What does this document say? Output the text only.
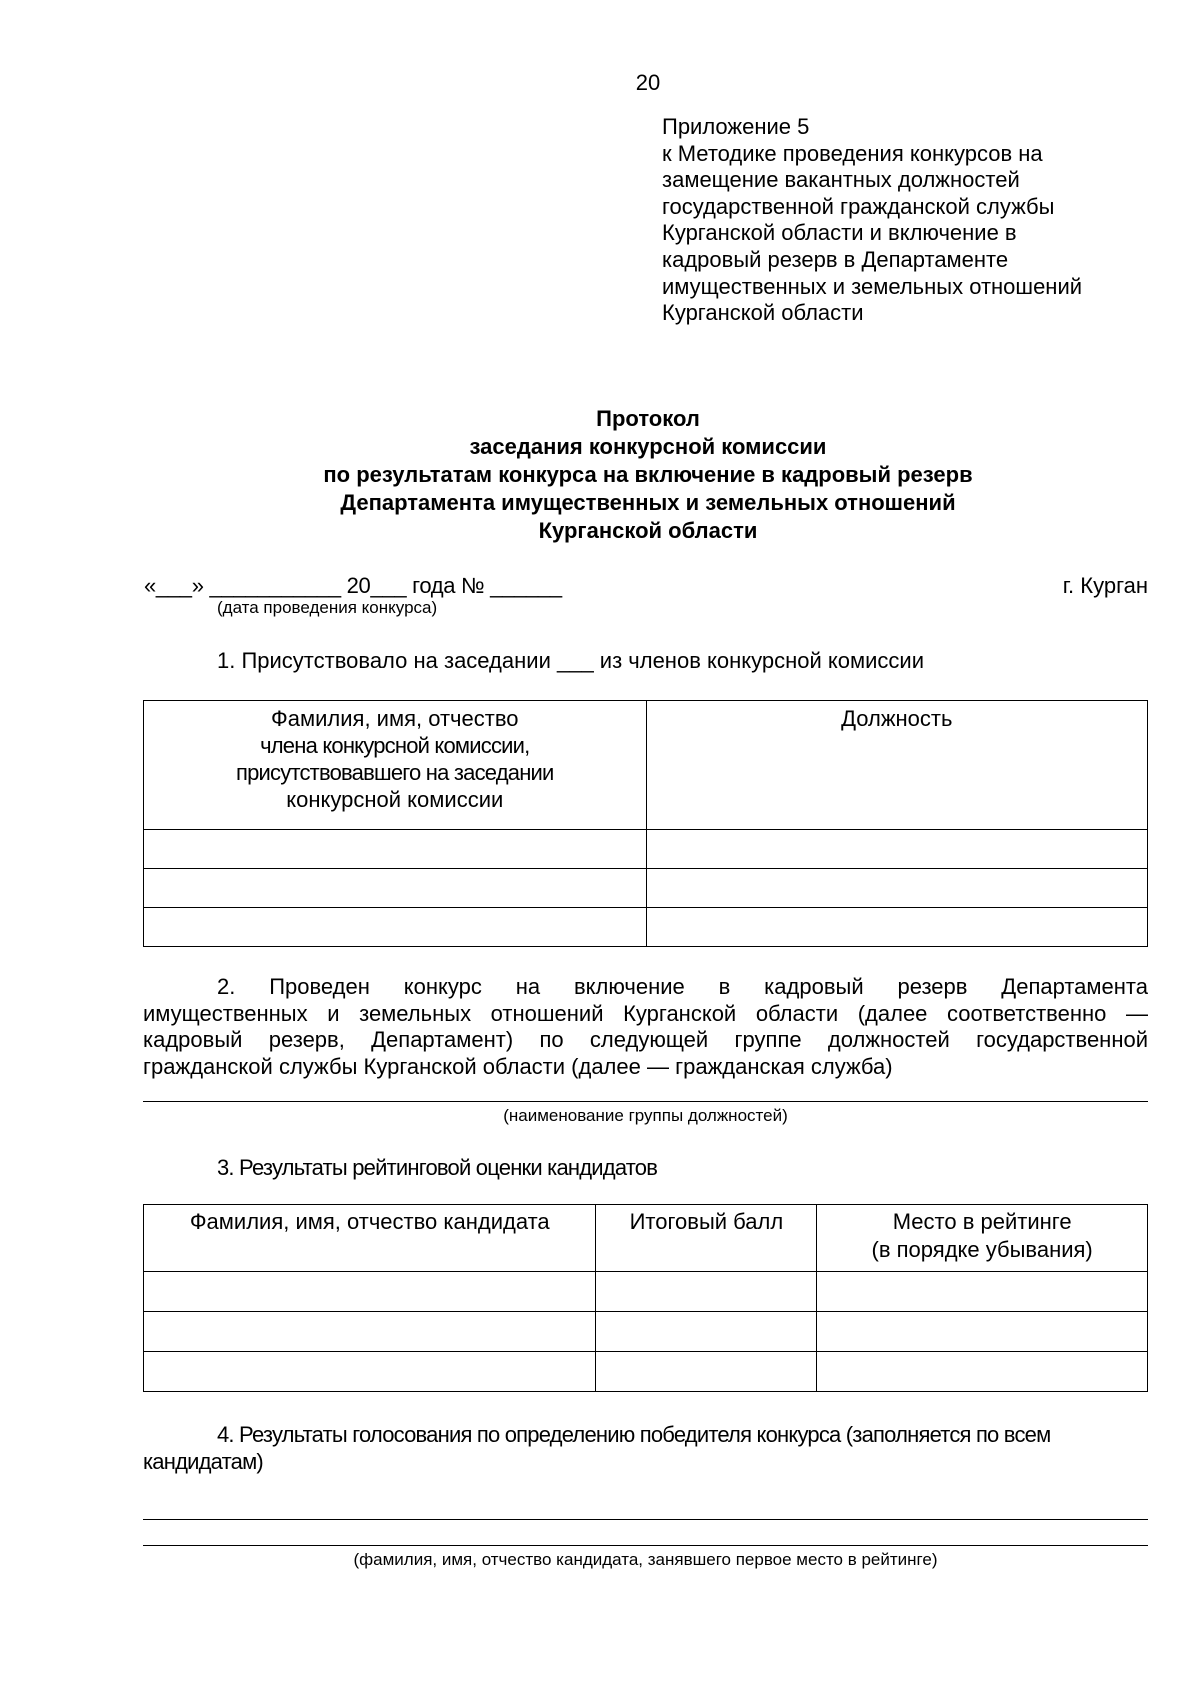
20
Приложение 5
к Методике проведения конкурсов на
замещение вакантных должностей
государственной гражданской службы
Курганской области и включение в
кадровый резерв в Департаменте
имущественных и земельных отношений
Курганской области
Протокол
заседания конкурсной комиссии
по результатам конкурса на включение в кадровый резерв
Департамента имущественных и земельных отношений
Курганской области
«___» ___________ 20___ года № ______	г. Курган
(дата проведения конкурса)
1. Присутствовало на заседании ___ из членов конкурсной комиссии
Фамилия, имя, отчество
члена конкурсной комиссии,
присутствовавшего на заседании
конкурсной комиссии	Должность

2. Проведен конкурс на включение в кадровый резерв Департамента
имущественных и земельных отношений Курганской области (далее соответственно —
кадровый резерв, Департамент) по следующей группе должностей государственной
гражданской службы Курганской области (далее — гражданская служба)
(наименование группы должностей)
3. Результаты рейтинговой оценки кандидатов
Фамилия, имя, отчество кандидата	Итоговый балл	Место в рейтинге
(в порядке убывания)

4. Результаты голосования по определению победителя конкурса (заполняется по всем
кандидатам)
(фамилия, имя, отчество кандидата, занявшего первое место в рейтинге)
